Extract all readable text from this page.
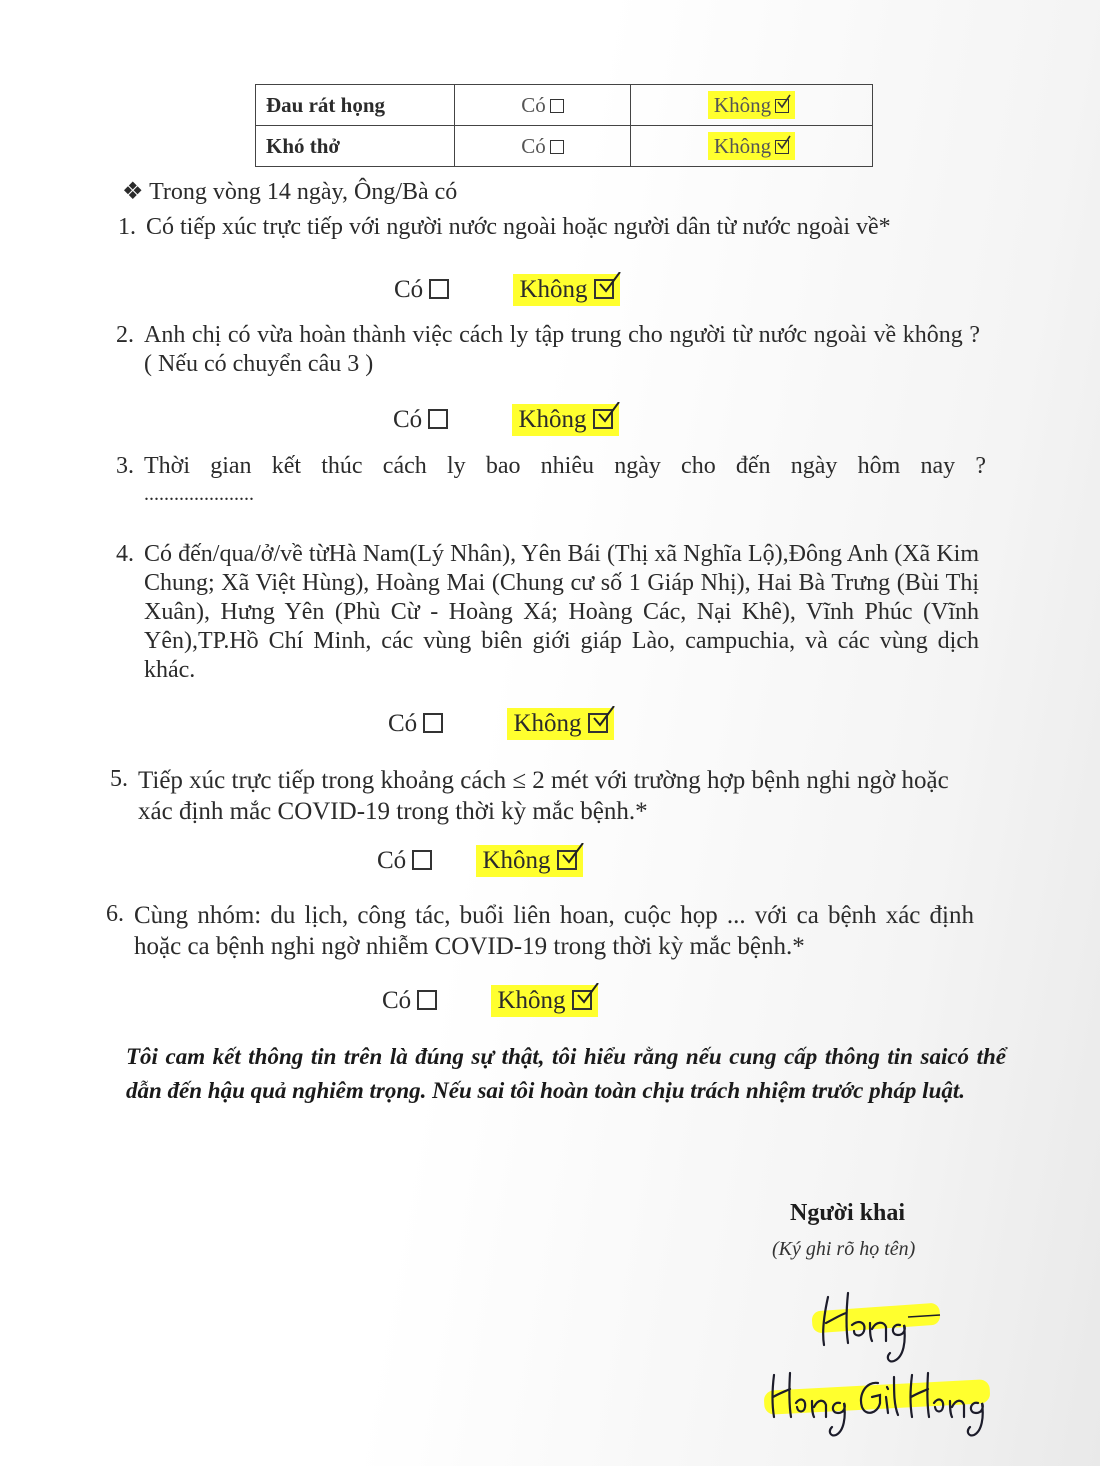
Đau rát họng	Có	Không

Khó thở	Có	Không
❖ Trong vòng 14 ngày, Ông/Bà có
1. Có tiếp xúc trực tiếp với người nước ngoài hoặc người dân từ nước ngoài về*
Có	Không
2. Anh chị có vừa hoàn thành việc cách ly tập trung cho người từ nước ngoài về không ? ( Nếu có chuyển câu 3 )
Có	Không
3. Thời gian kết thúc cách ly bao nhiêu ngày cho đến ngày hôm nay ?
......................
4. Có đến/qua/ở/về từHà Nam(Lý Nhân), Yên Bái (Thị xã Nghĩa Lộ),Đông Anh (Xã Kim Chung; Xã Việt Hùng), Hoàng Mai (Chung cư số 1 Giáp Nhị), Hai Bà Trưng (Bùi Thị Xuân), Hưng Yên (Phù Cừ - Hoàng Xá; Hoàng Các, Nại Khê), Vĩnh Phúc (Vĩnh Yên),TP.Hồ Chí Minh, các vùng biên giới giáp Lào, campuchia, và các vùng dịch khác.
Có	Không
5. Tiếp xúc trực tiếp trong khoảng cách ≤ 2 mét với trường hợp bệnh nghi ngờ hoặc xác định mắc COVID-19 trong thời kỳ mắc bệnh.*
Có	Không
6. Cùng nhóm: du lịch, công tác, buổi liên hoan, cuộc họp ... với ca bệnh xác định hoặc ca bệnh nghi ngờ nhiễm COVID-19 trong thời kỳ mắc bệnh.*
Có	Không
Tôi cam kết thông tin trên là đúng sự thật, tôi hiểu rằng nếu cung cấp thông tin saicó thể dẫn đến hậu quả nghiêm trọng. Nếu sai tôi hoàn toàn chịu trách nhiệm trước pháp luật.
Người khai
(Ký ghi rõ họ tên)
